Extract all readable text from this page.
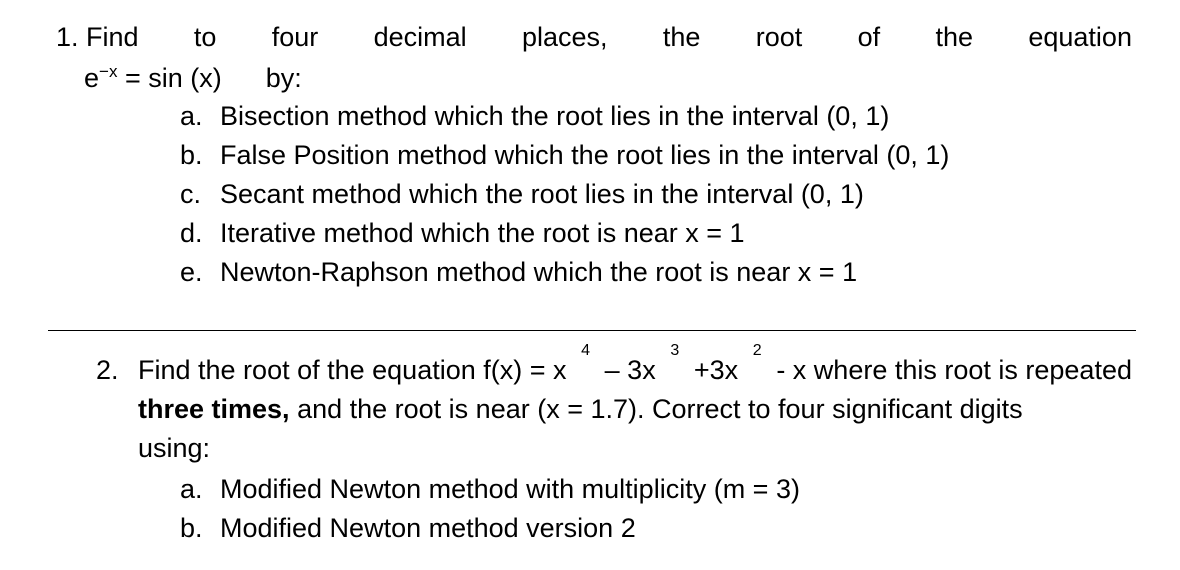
1. Find to four decimal places, the root of the equation
$e^{-x} = \sin (x)$ by:
a. Bisection method which the root lies in the interval (0, 1)
b. False Position method which the root lies in the interval (0, 1)
c. Secant method which the root lies in the interval (0, 1)
d. Iterative method which the root is near x = 1
e. Newton-Raphson method which the root is near x = 1
2. Find the root of the equation f(x) = x
4
– 3x
3
+3x
2
- x where this root is repeated
three times, and the root is near (x = 1.7). Correct to four significant digits
using:
a. Modified Newton method with multiplicity (m = 3)
b. Modified Newton method version 2
